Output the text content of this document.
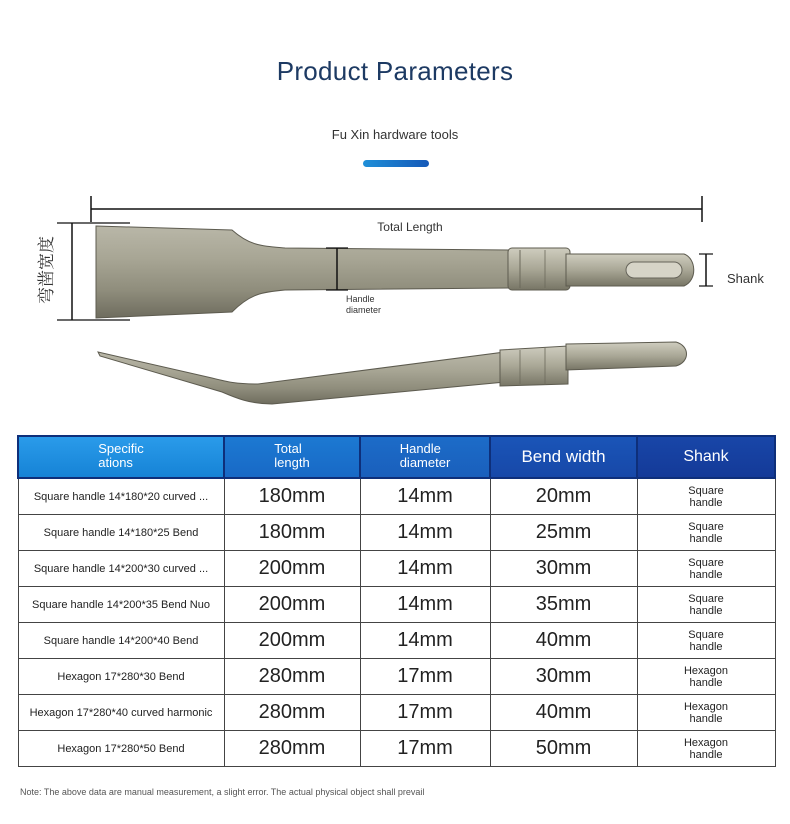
Product Parameters
Fu Xin hardware tools
Total Length
弯凿宽度	Handle
diameter
Shank
Specific
ations	Total
length	Handle
diameter	Bend width	Shank
Square handle 14*180*20 curved ...	180mm	14mm	20mm	Square
handle
Square handle 14*180*25 Bend	180mm	14mm	25mm	Square
handle
Square handle 14*200*30 curved ...	200mm	14mm	30mm	Square
handle
Square handle 14*200*35 Bend Nuo	200mm	14mm	35mm	Square
handle
Square handle 14*200*40 Bend	200mm	14mm	40mm	Square
handle
Hexagon 17*280*30 Bend	280mm	17mm	30mm	Hexagon
handle
Hexagon 17*280*40 curved harmonic	280mm	17mm	40mm	Hexagon
handle
Hexagon 17*280*50 Bend	280mm	17mm	50mm	Hexagon
handle
Note: The above data are manual measurement, a slight error. The actual physical object shall prevail
